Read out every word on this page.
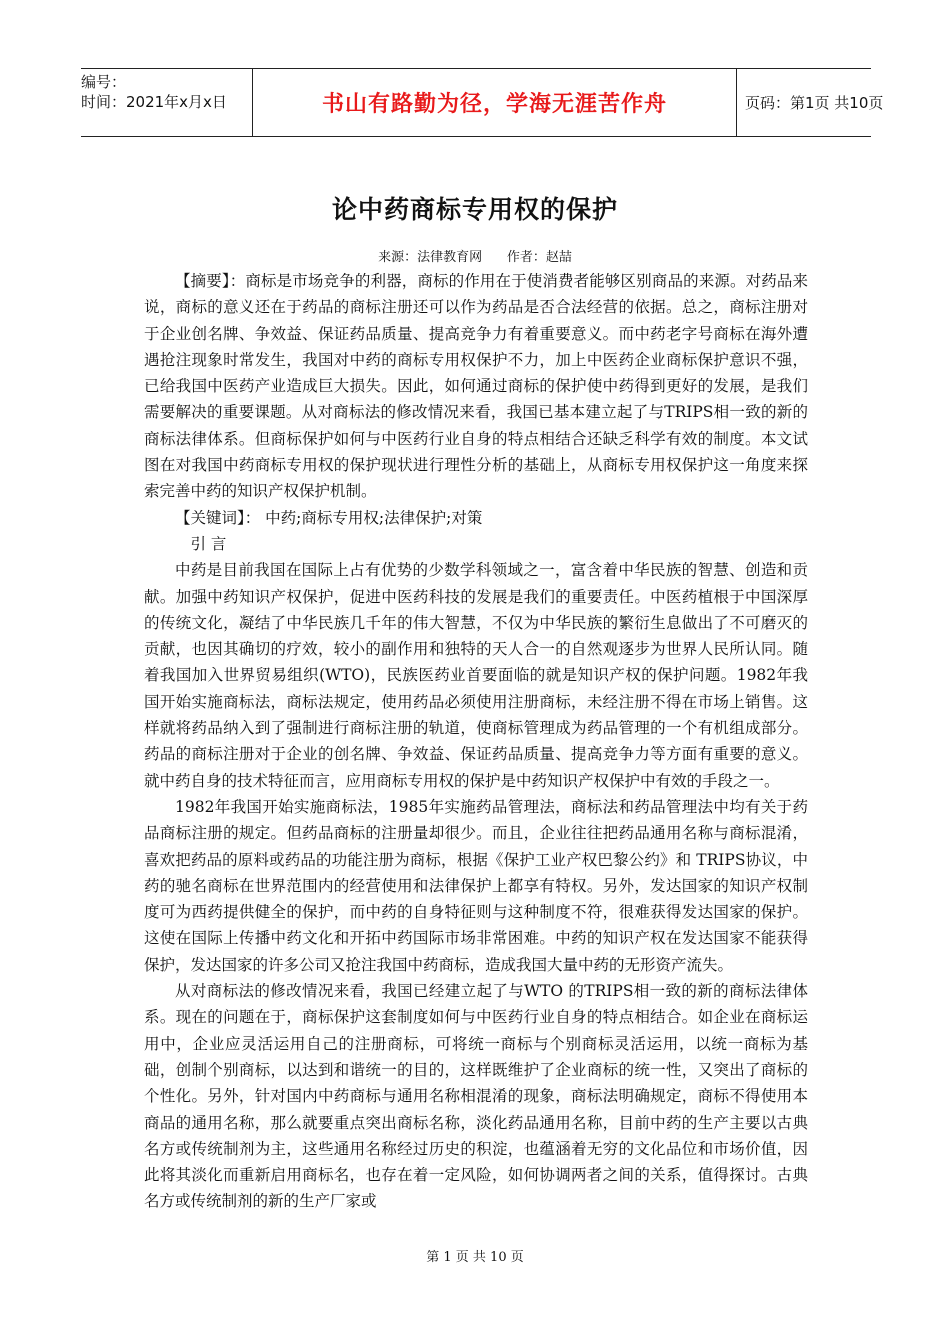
编号：
时间：2021年x月x日	书山有路勤为径，学海无涯苦作舟	页码：第1页 共10页
论中药商标专用权的保护
来源：法律教育网      作者：赵喆

【摘要】：商标是市场竞争的利器，商标的作用在于使消费者能够区别商品的来源。对药品来说，商标的意义还在于药品的商标注册还可以作为药品是否合法经营的依据。总之，商标注册对于企业创名牌、争效益、保证药品质量、提高竞争力有着重要意义。而中药老字号商标在海外遭遇抢注现象时常发生，我国对中药的商标专用权保护不力，加上中医药企业商标保护意识不强，已给我国中医药产业造成巨大损失。因此，如何通过商标的保护使中药得到更好的发展，是我们需要解决的重要课题。从对商标法的修改情况来看，我国已基本建立起了与TRIPS相一致的新的商标法律体系。但商标保护如何与中医药行业自身的特点相结合还缺乏科学有效的制度。本文试图在对我国中药商标专用权的保护现状进行理性分析的基础上，从商标专用权保护这一角度来探索完善中药的知识产权保护机制。

【关键词】： 中药;商标专用权;法律保护;对策

引 言

中药是目前我国在国际上占有优势的少数学科领域之一，富含着中华民族的智慧、创造和贡献。加强中药知识产权保护，促进中医药科技的发展是我们的重要责任。中医药植根于中国深厚的传统文化，凝结了中华民族几千年的伟大智慧，不仅为中华民族的繁衍生息做出了不可磨灭的贡献，也因其确切的疗效，较小的副作用和独特的天人合一的自然观逐步为世界人民所认同。随着我国加入世界贸易组织(WTO)，民族医药业首要面临的就是知识产权的保护问题。1982年我国开始实施商标法，商标法规定，使用药品必须使用注册商标，未经注册不得在市场上销售。这样就将药品纳入到了强制进行商标注册的轨道，使商标管理成为药品管理的一个有机组成部分。药品的商标注册对于企业的创名牌、争效益、保证药品质量、提高竞争力等方面有重要的意义。就中药自身的技术特征而言，应用商标专用权的保护是中药知识产权保护中有效的手段之一。

1982年我国开始实施商标法，1985年实施药品管理法，商标法和药品管理法中均有关于药品商标注册的规定。但药品商标的注册量却很少。而且，企业往往把药品通用名称与商标混淆，喜欢把药品的原料或药品的功能注册为商标，根据《保护工业产权巴黎公约》和 TRIPS协议，中药的驰名商标在世界范围内的经营使用和法律保护上都享有特权。另外，发达国家的知识产权制度可为西药提供健全的保护，而中药的自身特征则与这种制度不符，很难获得发达国家的保护。这使在国际上传播中药文化和开拓中药国际市场非常困难。中药的知识产权在发达国家不能获得保护，发达国家的许多公司又抢注我国中药商标，造成我国大量中药的无形资产流失。

从对商标法的修改情况来看，我国已经建立起了与WTO 的TRIPS相一致的新的商标法律体系。现在的问题在于，商标保护这套制度如何与中医药行业自身的特点相结合。如企业在商标运用中，企业应灵活运用自己的注册商标，可将统一商标与个别商标灵活运用，以统一商标为基础，创制个别商标，以达到和谐统一的目的，这样既维护了企业商标的统一性，又突出了商标的个性化。另外，针对国内中药商标与通用名称相混淆的现象，商标法明确规定，商标不得使用本商品的通用名称，那么就要重点突出商标名称，淡化药品通用名称，目前中药的生产主要以古典名方或传统制剂为主，这些通用名称经过历史的积淀，也蕴涵着无穷的文化品位和市场价值，因此将其淡化而重新启用商标名，也存在着一定风险，如何协调两者之间的关系，值得探讨。古典名方或传统制剂的新的生产厂家或

第 1 页 共 10 页
